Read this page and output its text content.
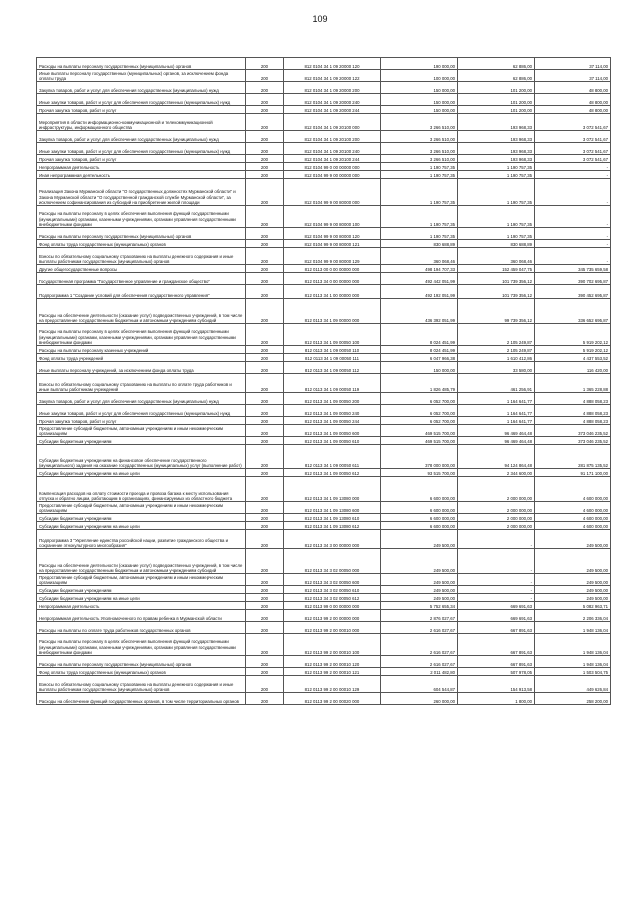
109
Расходы на выплаты персоналу государственных (муниципальных) органов	200	812 0104 34 1 09 20000 120	190 000,00	62 886,00	37 114,00
Иные выплаты персоналу государственных (муниципальных) органов, за исключением фонда оплаты труда	200	812 0104 34 1 09 20000 122	100 000,00	62 886,00	37 114,00
Закупка товаров, работ и услуг для обеспечения государственных (муниципальных) нужд	200	812 0104 34 1 09 20000 200	150 000,00	101 200,00	48 800,00
Иные закупки товаров, работ и услуг для обеспечения государственных (муниципальных) нужд	200	812 0104 34 1 09 20000 240	150 000,00	101 200,00	48 800,00
Прочая закупка товаров, работ и услуг	200	812 0104 34 1 09 20000 244	150 000,00	101 200,00	48 800,00
Мероприятия в области информационно-коммуникационной и телекоммуникационной инфраструктуры, информационного общества	200	812 0104 34 1 09 20100 000	3 266 510,00	193 968,33	3 072 541,67
Закупка товаров, работ и услуг для обеспечения государственных (муниципальных) нужд	200	812 0104 34 1 09 20100 200	3 266 510,00	193 968,33	3 072 541,67
Иные закупки товаров, работ и услуг для обеспечения государственных (муниципальных) нужд	200	812 0104 34 1 09 20100 240	3 266 510,00	193 968,33	3 072 541,67
Прочая закупка товаров, работ и услуг	200	812 0104 34 1 09 20100 244	3 266 510,00	193 968,33	3 072 541,67
Непрограммная деятельность	200	812 0104 99 0 00 00000 000	1 190 757,35	1 190 757,35	-
Иная непрограммная деятельность	200	812 0104 99 9 00 00000 000	1 190 757,35	1 190 757,35	-
Реализация Закона Мурманской области "О государственных должностях Мурманской области" и Закона Мурманской области "О государственной гражданской службе Мурманской области", за исключением софинансирования из субсидий на приобретение жилой площади	200	812 0104 99 9 00 80000 000	1 190 757,35	1 190 757,35	-
Расходы на выплаты персоналу в целях обеспечения выполнения функций государственными (муниципальными) органами, казенными учреждениями, органами управления государственными внебюджетными фондами	200	812 0104 99 9 00 80000 100	1 190 757,35	1 190 757,35	-
Расходы на выплаты персоналу государственных (муниципальных) органов	200	812 0104 99 9 00 80000 120	1 190 757,35	1 190 757,35	-
Фонд оплаты труда государственных (муниципальных) органов	200	812 0104 99 9 00 80000 121	830 688,89	830 688,89	-
Взносы по обязательному социальному страхованию на выплаты денежного содержания и иные выплаты работникам государственных (муниципальных) органов	200	812 0104 99 9 00 80000 129	360 068,46	360 068,46	-
Другие общегосударственные вопросы	200	812 0113 00 0 00 00000 000	498 194 707,33	152 459 047,75	345 735 659,58
Государственная программа "Государственное управление и гражданское общество"	200	812 0113 34 0 00 00000 000	492 442 051,99	101 739 356,12	390 702 695,87
Подпрограмма 1 "Создание условий для обеспечения государственного управления"	200	812 0113 34 1 00 00000 000	492 192 051,99	101 739 356,12	390 452 695,87
Расходы на обеспечение деятельности (оказание услуг) подведомственных учреждений, в том числе на предоставление государственным бюджетным и автономным учреждениям субсидий	200	812 0113 34 1 09 00000 000	436 392 051,99	99 739 356,12	336 652 695,87
Расходы на выплаты персоналу в целях обеспечения выполнения функций государственными (муниципальными) органами, казенными учреждениями, органами управления государственными внебюджетными фондами	200	812 0113 34 1 09 00050 100	8 024 451,99	2 105 249,87	5 919 202,12
Расходы на выплаты персоналу казенных учреждений	200	812 0113 34 1 09 00050 110	8 024 451,99	2 105 249,87	5 919 202,12
Фонд оплаты труда учреждений	200	812 0113 34 1 09 00050 111	6 047 966,38	1 610 412,86	4 437 553,52
Иные выплаты персоналу учреждений, за исключением фонда оплаты труда	200	812 0113 34 1 09 00050 112	150 000,00	33 580,00	116 420,00
Взносы по обязательному социальному страхованию на выплаты по оплате труда работников и иные выплаты работникам учреждений	200	812 0113 34 1 09 00050 119	1 826 485,79	461 256,91	1 365 228,88
Закупка товаров, работ и услуг для обеспечения государственных (муниципальных) нужд	200	812 0113 34 1 09 00050 200	6 052 700,00	1 164 641,77	4 888 058,23
Иные закупки товаров, работ и услуг для обеспечения государственных (муниципальных) нужд	200	812 0113 34 1 09 00050 240	6 052 700,00	1 164 641,77	4 888 058,23
Прочая закупка товаров, работ и услуг	200	812 0113 34 1 09 00050 244	6 052 700,00	1 164 641,77	4 888 058,23
Предоставление субсидий бюджетным, автономным учреждениям и иным некоммерческим организациям	200	812 0113 34 1 09 00050 600	469 515 700,00	96 469 464,48	373 046 235,52
Субсидии бюджетным учреждениям	200	812 0113 34 1 09 00050 610	469 515 700,00	96 469 464,48	373 046 235,52
Субсидии бюджетным учреждениям на финансовое обеспечение государственного (муниципального) задания на оказание государственных (муниципальных) услуг (выполнение работ)	200	812 0113 34 1 09 00050 611	378 000 000,00	94 124 864,48	281 875 135,52
Субсидии бюджетным учреждениям на иные цели	200	812 0113 34 1 09 00050 612	93 515 700,00	2 344 600,00	91 171 100,00
Компенсация расходов на оплату стоимости проезда и провоза багажа к месту использования отпуска и обратно лицам, работающим в организациях, финансируемых из областного бюджета	200	812 0113 34 1 09 13080 000	6 600 000,00	2 000 000,00	4 600 000,00
Предоставление субсидий бюджетным, автономным учреждениям и иным некоммерческим организациям	200	812 0113 34 1 09 13080 600	6 600 000,00	2 000 000,00	4 600 000,00
Субсидии бюджетным учреждениям	200	812 0113 34 1 09 13080 610	6 600 000,00	2 000 000,00	4 600 000,00
Субсидии бюджетным учреждениям на иные цели	200	812 0113 34 1 09 13080 612	6 600 000,00	2 000 000,00	4 600 000,00
Подпрограмма 3 "Укрепление единства российской нации, развитие гражданского общества и сохранение этнокультурного многообразия"	200	812 0113 34 3 00 00000 000	249 500,00	-	249 500,00
Расходы на обеспечение деятельности (оказание услуг) подведомственных учреждений, в том числе на предоставление государственным бюджетным и автономным учреждениям субсидий	200	812 0113 34 3 02 00050 000	249 500,00	-	249 500,00
Предоставление субсидий бюджетным, автономным учреждениям и иным некоммерческим организациям	200	812 0113 34 3 02 00050 600	249 500,00	-	249 500,00
Субсидии бюджетным учреждениям	200	812 0113 34 3 02 00050 610	249 500,00	-	249 500,00
Субсидии бюджетным учреждениям на иные цели	200	812 0113 34 3 02 00050 612	249 500,00	-	249 500,00
Непрограммная деятельность	200	812 0113 99 0 00 00000 000	5 752 655,34	669 691,63	5 082 963,71
Непрограммная деятельность Уполномоченного по правам ребенка в Мурманской области	200	812 0113 99 2 00 00000 000	2 876 027,67	669 691,63	2 206 336,04
Расходы на выплаты по оплате труда работников государственных органов	200	812 0113 99 2 00 00010 000	2 616 027,67	667 891,63	1 948 136,04
Расходы на выплаты персоналу в целях обеспечения выполнения функций государственными (муниципальными) органами, казенными учреждениями, органами управления государственными внебюджетными фондами	200	812 0113 99 2 00 00010 100	2 616 027,67	667 891,63	1 948 136,04
Расходы на выплаты персоналу государственных (муниципальных) органов	200	812 0113 99 2 00 00010 120	2 616 027,67	667 891,63	1 948 136,04
Фонд оплаты труда государственных (муниципальных) органов	200	812 0113 99 2 00 00010 121	2 011 482,80	507 978,05	1 503 504,75
Взносы по обязательному социальному страхованию на выплаты денежного содержания и иные выплаты работникам государственных (муниципальных) органов	200	812 0113 99 2 00 00010 129	604 544,87	154 913,58	449 626,84
Расходы на обеспечение функций государственных органов, в том числе территориальных органов	200	812 0113 99 2 00 00020 000	260 000,00	1 800,00	258 200,00
